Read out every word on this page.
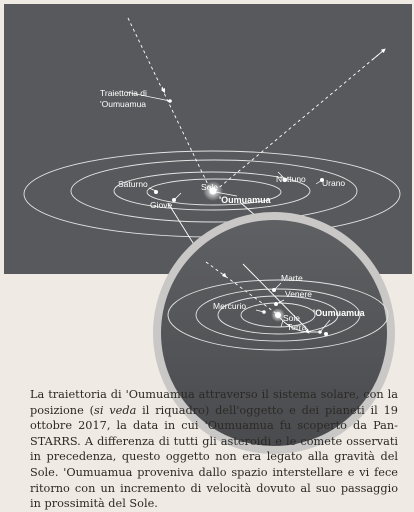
Traiettoria di
'Oumuamua
Nettuno Urano
Saturno
Giove
Sole
'Oumuamua
Marte
Venere
Mercurio
Sole
Terra
'Oumuamua

La traiettoria di 'Oumuamua attraverso il sistema solare, con la posizione (si veda il riquadro) dell'oggetto e dei pianeti il 19 ottobre 2017, la data in cui 'Oumuamua fu scoperto da Pan-STARRS. A differenza di tutti gli asteroidi e le comete osservati in precedenza, questo oggetto non era legato alla gravità del Sole. 'Oumuamua proveniva dallo spazio interstellare e vi fece ritorno con un incremento di velocità dovuto al suo passaggio in prossimità del Sole.
